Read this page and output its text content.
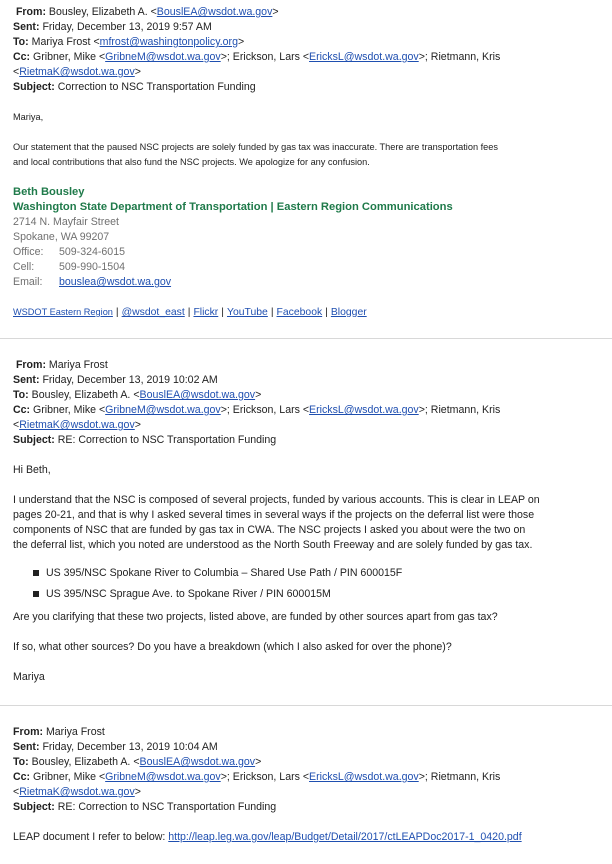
From: Bousley, Elizabeth A. <BouslEA@wsdot.wa.gov>
Sent: Friday, December 13, 2019 9:57 AM
To: Mariya Frost <mfrost@washingtonpolicy.org>
Cc: Gribner, Mike <GribneM@wsdot.wa.gov>; Erickson, Lars <EricksL@wsdot.wa.gov>; Rietmann, Kris
<RietmaK@wsdot.wa.gov>
Subject: Correction to NSC Transportation Funding
Mariya,
Our statement that the paused NSC projects are solely funded by gas tax was inaccurate. There are transportation fees
and local contributions that also fund the NSC projects. We apologize for any confusion.
Beth Bousley
Washington State Department of Transportation | Eastern Region Communications
2714 N. Mayfair Street
Spokane, WA 99207
Office: 509-324-6015
Cell: 509-990-1504
Email: bouslea@wsdot.wa.gov
WSDOT Eastern Region | @wsdot_east | Flickr | YouTube | Facebook | Blogger
From: Mariya Frost
Sent: Friday, December 13, 2019 10:02 AM
To: Bousley, Elizabeth A. <BouslEA@wsdot.wa.gov>
Cc: Gribner, Mike <GribneM@wsdot.wa.gov>; Erickson, Lars <EricksL@wsdot.wa.gov>; Rietmann, Kris
<RietmaK@wsdot.wa.gov>
Subject: RE: Correction to NSC Transportation Funding
Hi Beth,
I understand that the NSC is composed of several projects, funded by various accounts. This is clear in LEAP on
pages 20-21, and that is why I asked several times in several ways if the projects on the deferral list were those
components of NSC that are funded by gas tax in CWA. The NSC projects I asked you about were the two on
the deferral list, which you noted are understood as the North South Freeway and are solely funded by gas tax.
US 395/NSC Spokane River to Columbia – Shared Use Path / PIN 600015F
US 395/NSC Sprague Ave. to Spokane River / PIN 600015M
Are you clarifying that these two projects, listed above, are funded by other sources apart from gas tax?
If so, what other sources? Do you have a breakdown (which I also asked for over the phone)?
Mariya
From: Mariya Frost
Sent: Friday, December 13, 2019 10:04 AM
To: Bousley, Elizabeth A. <BouslEA@wsdot.wa.gov>
Cc: Gribner, Mike <GribneM@wsdot.wa.gov>; Erickson, Lars <EricksL@wsdot.wa.gov>; Rietmann, Kris
<RietmaK@wsdot.wa.gov>
Subject: RE: Correction to NSC Transportation Funding
LEAP document I refer to below: http://leap.leg.wa.gov/leap/Budget/Detail/2017/ctLEAPDoc2017-1_0420.pdf
